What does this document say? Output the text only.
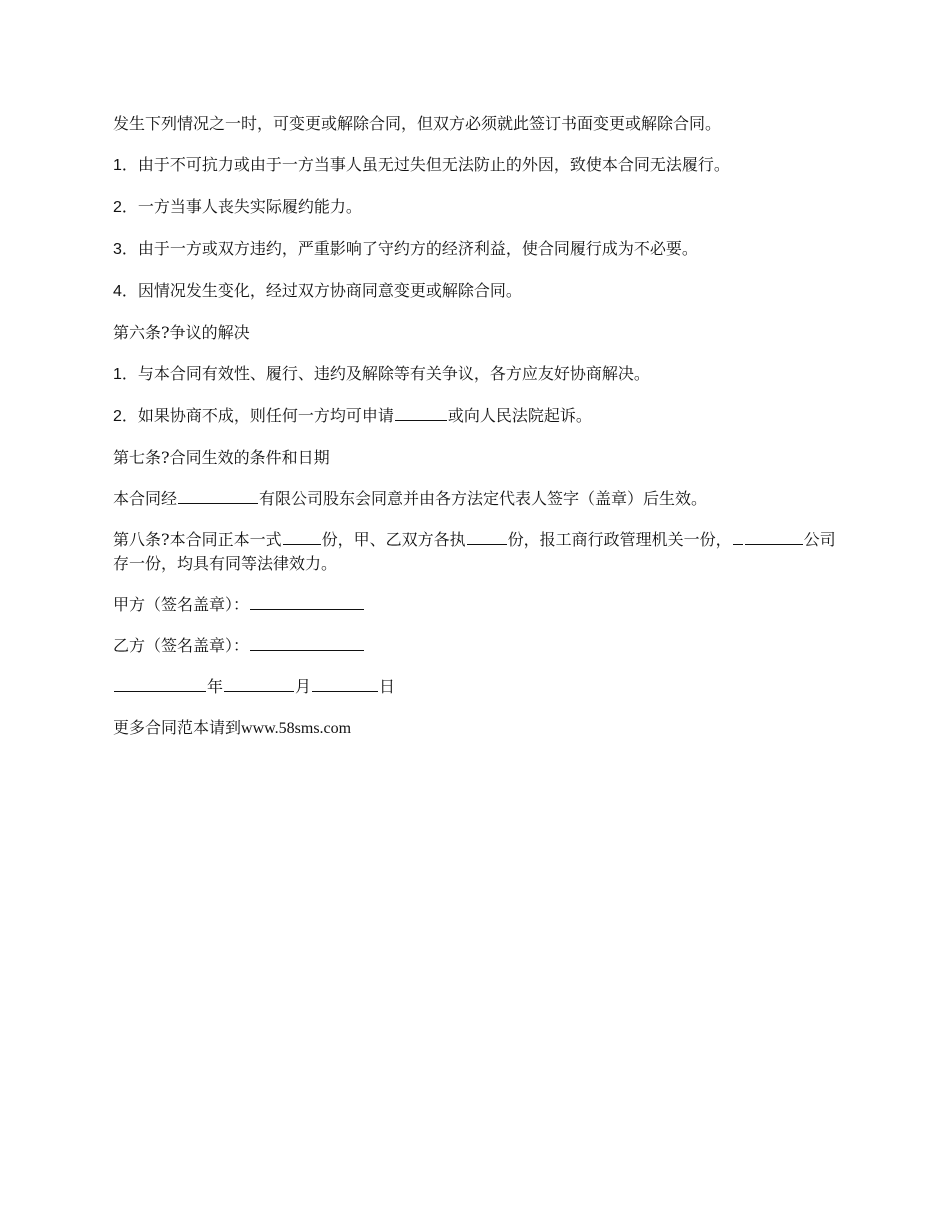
发生下列情况之一时，可变更或解除合同，但双方必须就此签订书面变更或解除合同。

1．由于不可抗力或由于一方当事人虽无过失但无法防止的外因，致使本合同无法履行。

2．一方当事人丧失实际履约能力。

3．由于一方或双方违约，严重影响了守约方的经济利益，使合同履行成为不必要。

4．因情况发生变化，经过双方协商同意变更或解除合同。

第六条?争议的解决

1．与本合同有效性、履行、违约及解除等有关争议，各方应友好协商解决。

2．如果协商不成，则任何一方均可申请	或向人民法院起诉。

第七条?合同生效的条件和日期

本合同经	有限公司股东会同意并由各方法定代表人签字（盖章）后生效。

第八条?本合同正本一式	份，甲、乙双方各执	份，报工商行政管理机关一份，	公司存一份，均具有同等法律效力。

甲方（签名盖章）：

乙方（签名盖章）：

年	月	日

更多合同范本请到www.58sms.com
